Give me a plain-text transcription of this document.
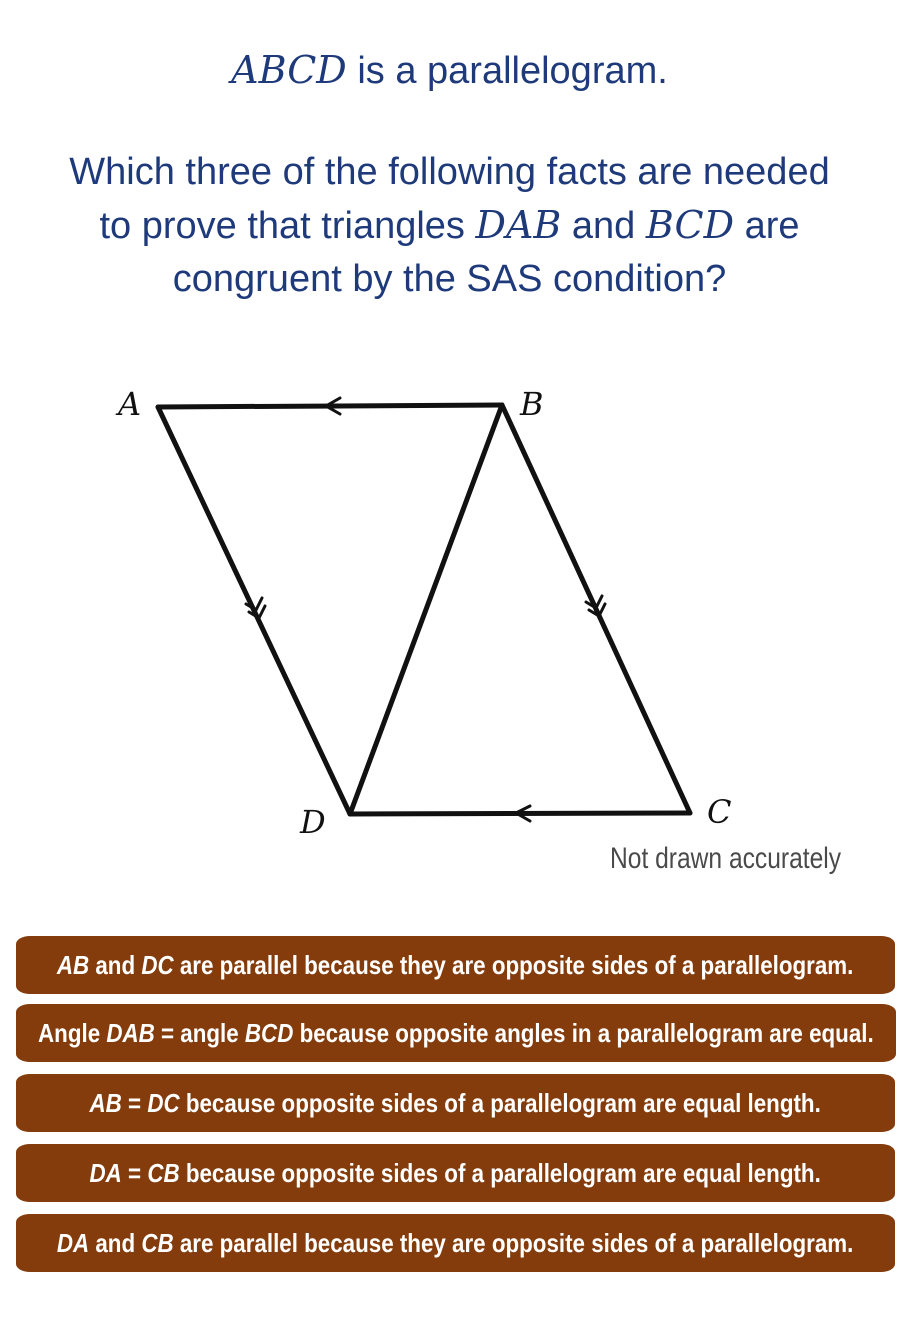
ABCD is a parallelogram.
Which three of the following facts are needed
to prove that triangles DAB and BCD are
congruent by the SAS condition?
A	B
C
D
Not drawn accurately
AB and DC are parallel because they are opposite sides of a parallelogram.
Angle DAB = angle BCD because opposite angles in a parallelogram are equal.
AB = DC because opposite sides of a parallelogram are equal length.
DA = CB because opposite sides of a parallelogram are equal length.
DA and CB are parallel because they are opposite sides of a parallelogram.
